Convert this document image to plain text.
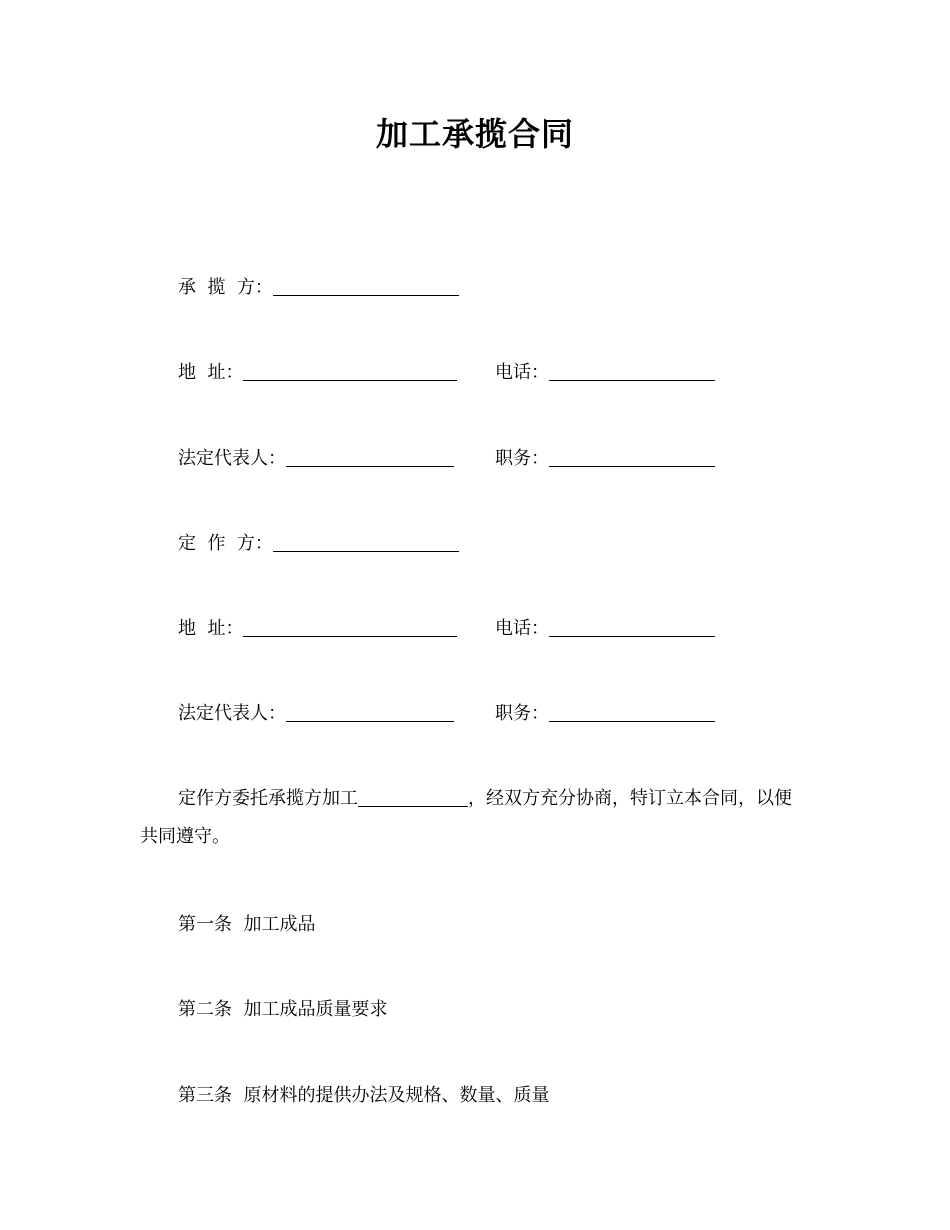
加工承揽合同
承  揽  方：
地  址：	电话：
法定代表人：	职务：
定  作  方：
地  址：	电话：
法定代表人：	职务：
定作方委托承揽方加工	，经双方充分协商，特订立本合同，以便
共同遵守。
第一条  加工成品
第二条  加工成品质量要求
第三条  原材料的提供办法及规格、数量、质量
